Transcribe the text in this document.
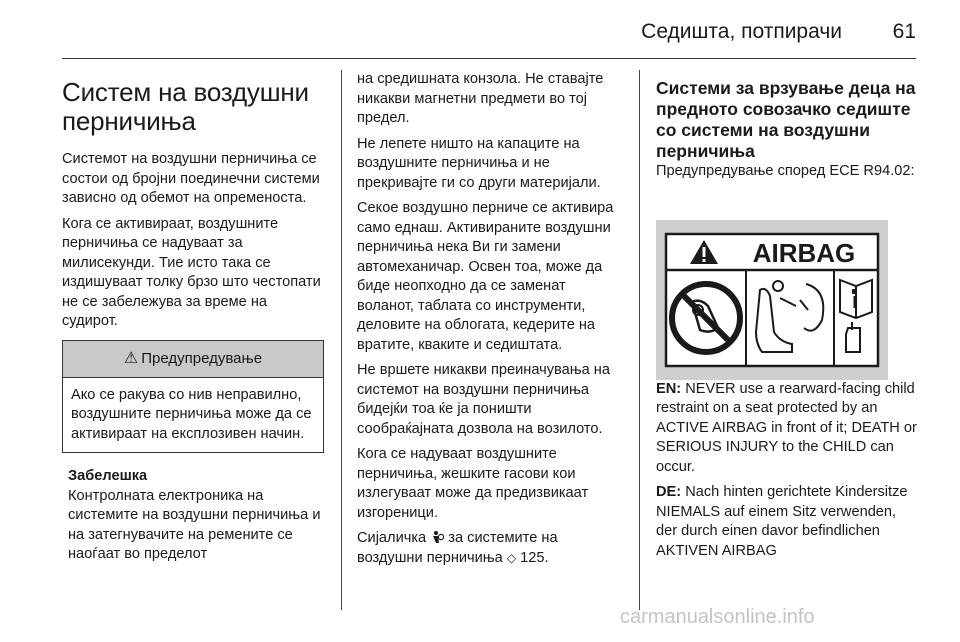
Седишта, потпирачи 61
Систем на воздушни перничиња

Системот на воздушни перничиња се состои од бројни поединечни системи зависно од обемот на опременоста.

Кога се активираат, воздушните перничиња се надуваат за милисекунди. Тие исто така се издишуваат толку брзо што честопати не се забележува за време на судирот.

⚠ Предупредување
Ако се ракува со нив неправилно, воздушните перничиња може да се активираат на експлозивен начин.
Забелешка
Контролната електроника на системите на воздушни перничиња и на затегнувачите на ремените се наоѓаат во пределот

на средишната конзола. Не ставајте никакви магнетни предмети во тој предел.

Не лепете ништо на капаците на воздушните перничиња и не прекривајте ги со други материјали.

Секое воздушно перниче се активира само еднаш. Активираните воздушни перничиња нека Ви ги замени автомеханичар. Освен тоа, може да биде неопходно да се заменат воланот, таблата со инструменти, деловите на облогата, кедерите на вратите, кваките и седиштата.

Не вршете никакви преиначувања на системот на воздушни перничиња бидејќи тоа ќе ја поништи сообраќајната дозвола на возилото.

Кога се надуваат воздушните перничиња, жешките гасови кои излегуваат може да предизвикаат изгореници.

Сијаличка за системите на воздушни перничиња ◇ 125.

Системи за врзување деца на предното совозачко седиште со системи на воздушни перничиња
Предупредување според ECE R94.02:
AIRBAG

EN: NEVER use a rearward-facing child restraint on a seat protected by an ACTIVE AIRBAG in front of it; DEATH or SERIOUS INJURY to the CHILD can occur.

DE: Nach hinten gerichtete Kindersitze NIEMALS auf einem Sitz verwenden, der durch einen davor befindlichen AKTIVEN AIRBAG

carmanualsonline.info
